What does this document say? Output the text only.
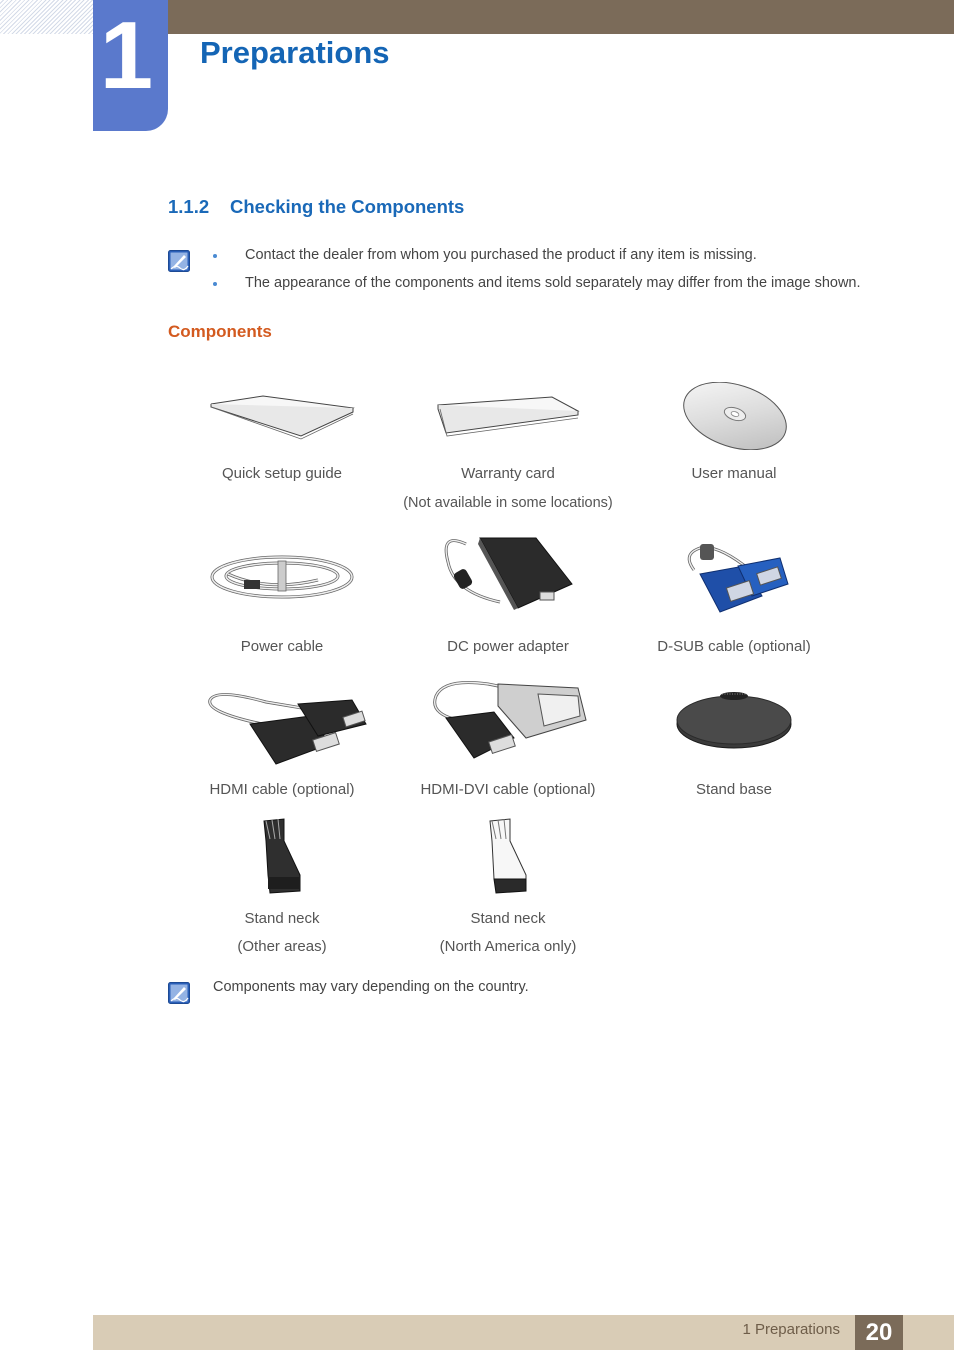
1 Preparations
1.1.2 Checking the Components
Contact the dealer from whom you purchased the product if any item is missing.
The appearance of the components and items sold separately may differ from the image shown.
Components
Quick setup guide	Warranty card
(Not available in some locations)
User manual
Power cable	DC power adapter	D-SUB cable (optional)
HDMI cable (optional)	HDMI-DVI cable (optional)	Stand base
Stand neck
(Other areas)
Stand neck
(North America only)
Components may vary depending on the country.
1 Preparations	20
